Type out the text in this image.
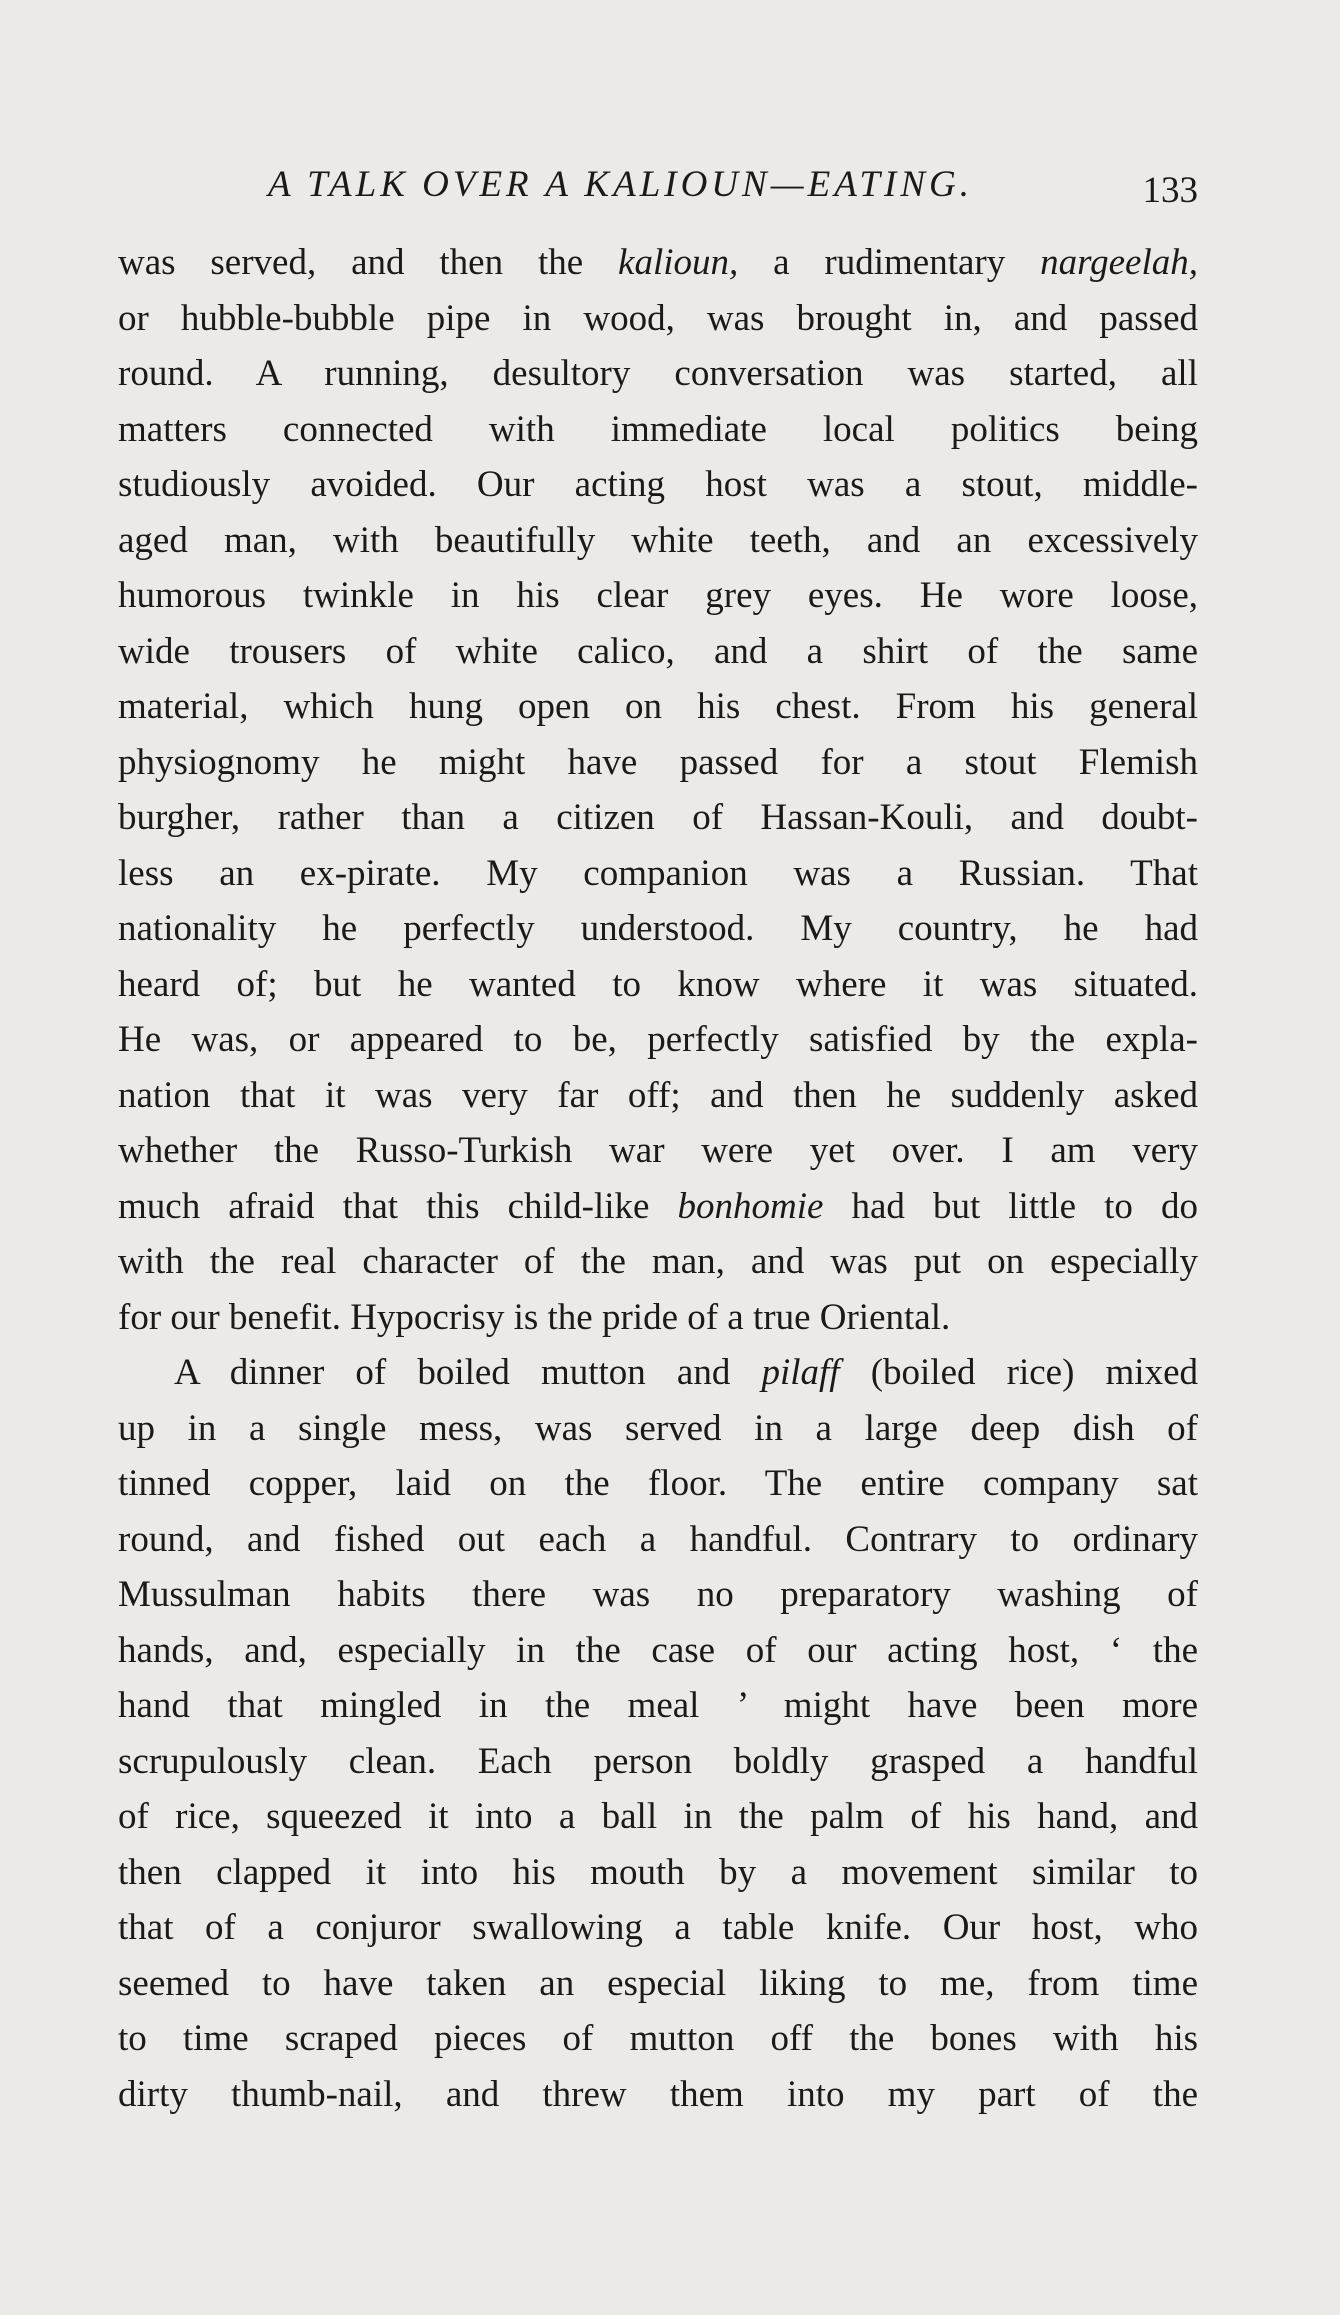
A TALK OVER A KALIOUN—EATING.	133
was served, and then the kalioun, a rudimentary nargeelah,
or hubble-bubble pipe in wood, was brought in, and passed
round. A running, desultory conversation was started, all
matters connected with immediate local politics being
studiously avoided. Our acting host was a stout, middle-
aged man, with beautifully white teeth, and an excessively
humorous twinkle in his clear grey eyes. He wore loose,
wide trousers of white calico, and a shirt of the same
material, which hung open on his chest. From his general
physiognomy he might have passed for a stout Flemish
burgher, rather than a citizen of Hassan-Kouli, and doubt-
less an ex-pirate. My companion was a Russian. That
nationality he perfectly understood. My country, he had
heard of; but he wanted to know where it was situated.
He was, or appeared to be, perfectly satisfied by the expla-
nation that it was very far off; and then he suddenly asked
whether the Russo-Turkish war were yet over. I am very
much afraid that this child-like bonhomie had but little to do
with the real character of the man, and was put on especially
for our benefit. Hypocrisy is the pride of a true Oriental.
A dinner of boiled mutton and pilaff (boiled rice) mixed
up in a single mess, was served in a large deep dish of
tinned copper, laid on the floor. The entire company sat
round, and fished out each a handful. Contrary to ordinary
Mussulman habits there was no preparatory washing of
hands, and, especially in the case of our acting host, ‘ the
hand that mingled in the meal ’ might have been more
scrupulously clean. Each person boldly grasped a handful
of rice, squeezed it into a ball in the palm of his hand, and
then clapped it into his mouth by a movement similar to
that of a conjuror swallowing a table knife. Our host, who
seemed to have taken an especial liking to me, from time
to time scraped pieces of mutton off the bones with his
dirty thumb-nail, and threw them into my part of the
